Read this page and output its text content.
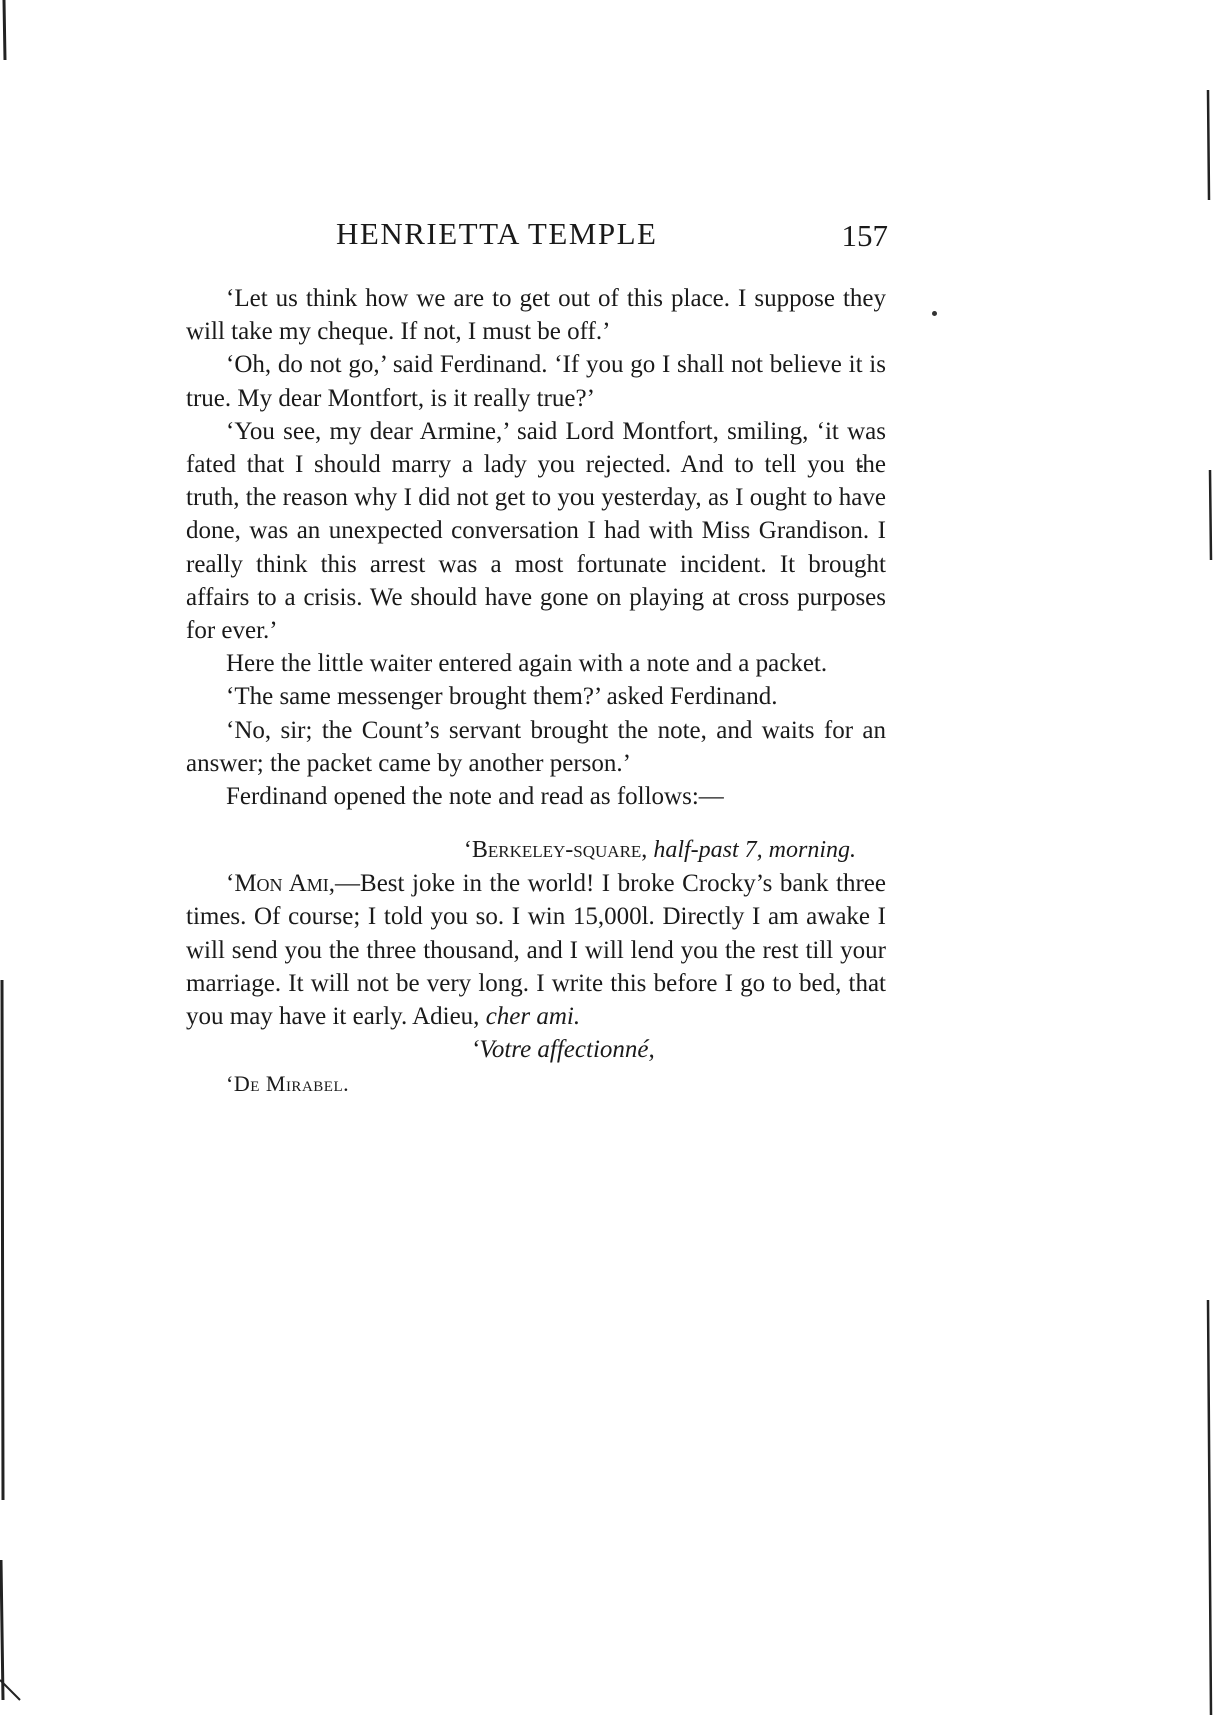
HENRIETTA TEMPLE	157

‘Let us think how we are to get out of this place. I suppose they will take my cheque. If not, I must be off.’

‘Oh, do not go,’ said Ferdinand. ‘If you go I shall not believe it is true. My dear Montfort, is it really true?’

‘You see, my dear Armine,’ said Lord Montfort, smiling, ‘it was fated that I should marry a lady you rejected. And to tell you the truth, the reason why I did not get to you yesterday, as I ought to have done, was an unexpected conversation I had with Miss Grandison. I really think this arrest was a most fortunate incident. It brought affairs to a crisis. We should have gone on playing at cross purposes for ever.’

Here the little waiter entered again with a note and a packet.

‘The same messenger brought them?’ asked Ferdinand.

‘No, sir; the Count’s servant brought the note, and waits for an answer; the packet came by another person.’

Ferdinand opened the note and read as follows:—

‘Berkeley-square, half-past 7, morning.

‘Mon Ami,—Best joke in the world! I broke Crocky’s bank three times. Of course; I told you so. I win 15,000l. Directly I am awake I will send you the three thousand, and I will lend you the rest till your marriage. It will not be very long. I write this before I go to bed, that you may have it early. Adieu, cher ami.

‘Votre affectionné,

‘De Mirabel.
